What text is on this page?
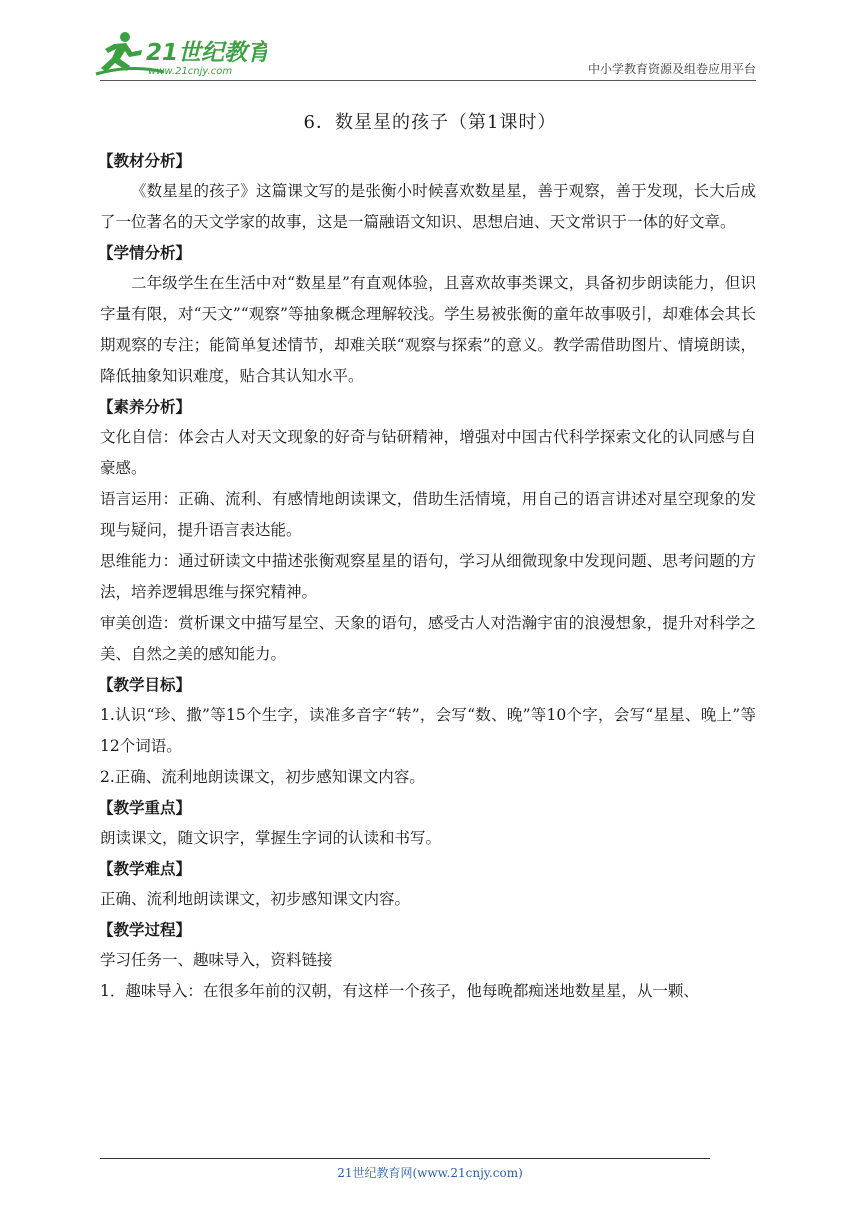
21世纪教育
www.21cnjy.com	中小学教育资源及组卷应用平台
6．数星星的孩子（第1课时）
【教材分析】
《数星星的孩子》这篇课文写的是张衡小时候喜欢数星星，善于观察，善于发现，长大后成了一位著名的天文学家的故事，这是一篇融语文知识、思想启迪、天文常识于一体的好文章。
【学情分析】
二年级学生在生活中对“数星星”有直观体验，且喜欢故事类课文，具备初步朗读能力，但识字量有限，对“天文”“观察”等抽象概念理解较浅。学生易被张衡的童年故事吸引，却难体会其长期观察的专注；能简单复述情节，却难关联“观察与探索”的意义。教学需借助图片、情境朗读，降低抽象知识难度，贴合其认知水平。
【素养分析】
文化自信：体会古人对天文现象的好奇与钻研精神，增强对中国古代科学探索文化的认同感与自豪感。
语言运用：正确、流利、有感情地朗读课文，借助生活情境，用自己的语言讲述对星空现象的发现与疑问，提升语言表达能。
思维能力：通过研读文中描述张衡观察星星的语句，学习从细微现象中发现问题、思考问题的方法，培养逻辑思维与探究精神。
审美创造：赏析课文中描写星空、天象的语句，感受古人对浩瀚宇宙的浪漫想象，提升对科学之美、自然之美的感知能力。
【教学目标】
1.认识“珍、撒”等15个生字，读准多音字“转”，会写“数、晚”等10个字，会写“星星、晚上”等12个词语。
2.正确、流利地朗读课文，初步感知课文内容。
【教学重点】
朗读课文，随文识字，掌握生字词的认读和书写。
【教学难点】
正确、流利地朗读课文，初步感知课文内容。
【教学过程】
学习任务一、趣味导入，资料链接
1．趣味导入：在很多年前的汉朝，有这样一个孩子，他每晚都痴迷地数星星，从一颗、
21世纪教育网(www.21cnjy.com)
